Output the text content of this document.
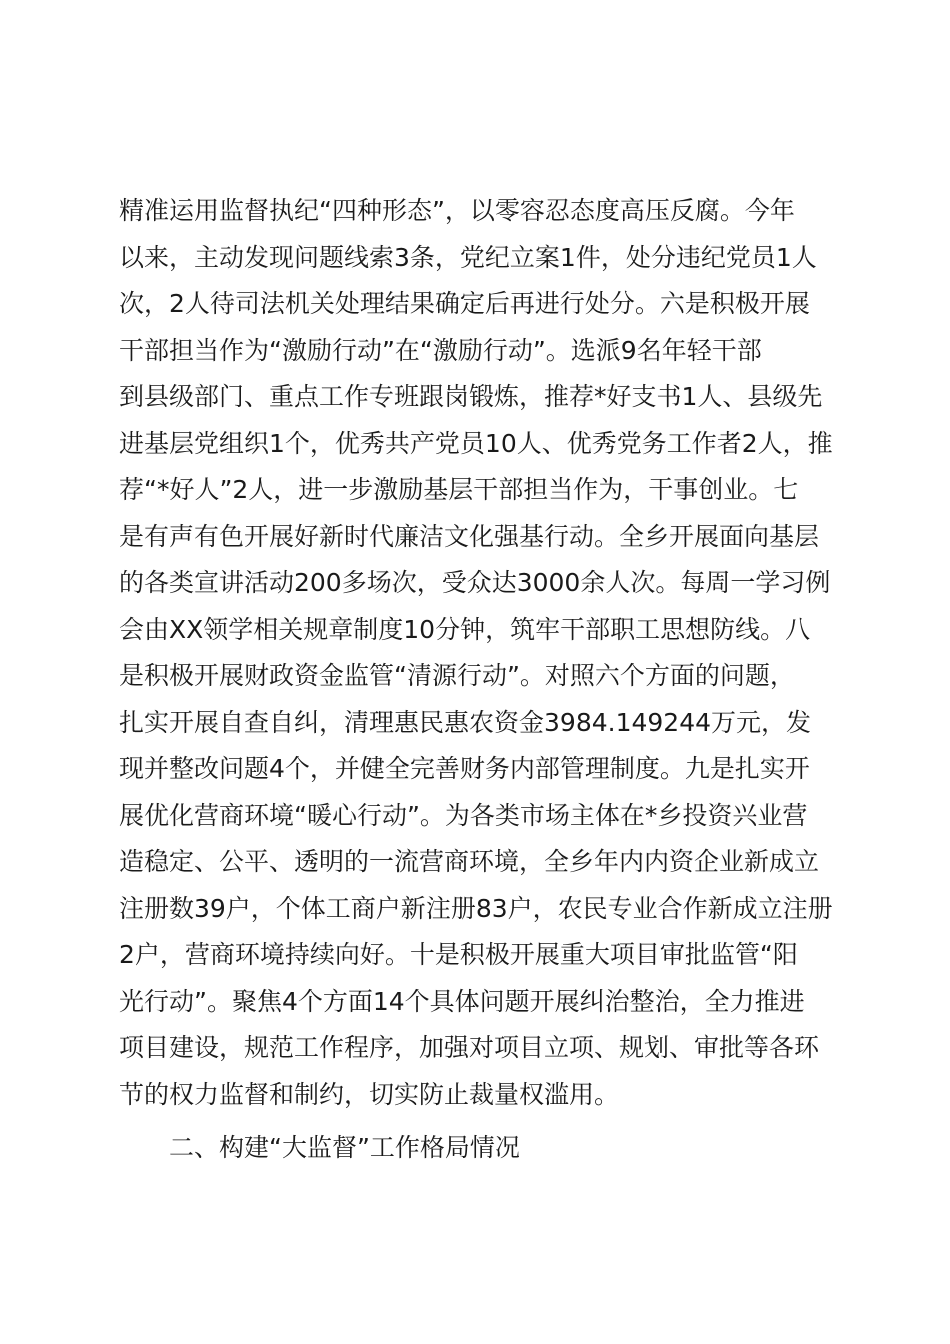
精准运用监督执纪“四种形态”，以零容忍态度高压反腐。今年
以来，主动发现问题线索3条，党纪立案1件，处分违纪党员1人
次，2人待司法机关处理结果确定后再进行处分。六是积极开展
干部担当作为“激励行动”在“激励行动”。选派9名年轻干部
到县级部门、重点工作专班跟岗锻炼，推荐*好支书1人、县级先
进基层党组织1个，优秀共产党员10人、优秀党务工作者2人，推
荐“*好人”2人，进一步激励基层干部担当作为，干事创业。七
是有声有色开展好新时代廉洁文化强基行动。全乡开展面向基层
的各类宣讲活动200多场次，受众达3000余人次。每周一学习例
会由XX领学相关规章制度10分钟，筑牢干部职工思想防线。八
是积极开展财政资金监管“清源行动”。对照六个方面的问题，
扎实开展自查自纠，清理惠民惠农资金3984.149244万元，发
现并整改问题4个，并健全完善财务内部管理制度。九是扎实开
展优化营商环境“暖心行动”。为各类市场主体在*乡投资兴业营
造稳定、公平、透明的一流营商环境，全乡年内内资企业新成立
注册数39户，个体工商户新注册83户，农民专业合作新成立注册
2户，营商环境持续向好。十是积极开展重大项目审批监管“阳
光行动”。聚焦4个方面14个具体问题开展纠治整治，全力推进
项目建设，规范工作程序，加强对项目立项、规划、审批等各环
节的权力监督和制约，切实防止裁量权滥用。
二、构建“大监督”工作格局情况
